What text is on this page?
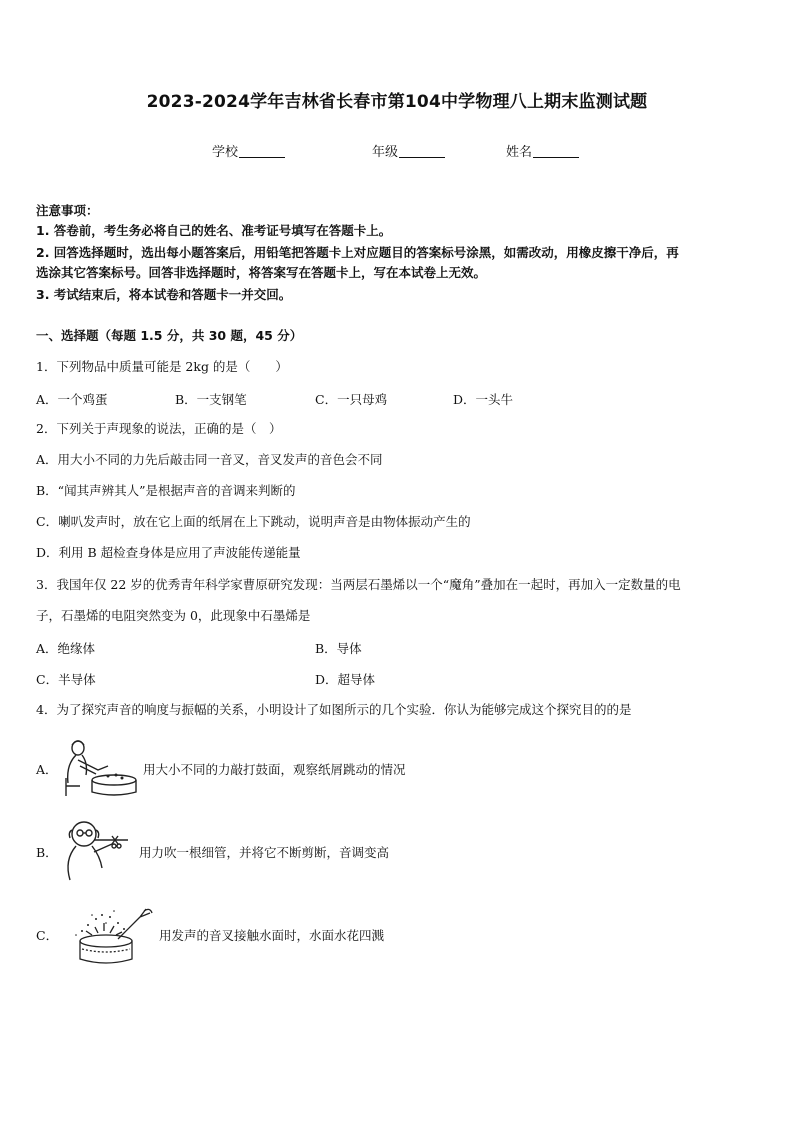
2023-2024学年吉林省长春市第104中学物理八上期末监测试题
学校	年级	姓名
注意事项：
1. 答卷前，考生务必将自己的姓名、准考证号填写在答题卡上。
2. 回答选择题时，选出每小题答案后，用铅笔把答题卡上对应题目的答案标号涂黑，如需改动，用橡皮擦干净后，再
选涂其它答案标号。回答非选择题时，将答案写在答题卡上，写在本试卷上无效。
3. 考试结束后，将本试卷和答题卡一并交回。
一、选择题（每题 1.5 分，共 30 题，45 分）
1．下列物品中质量可能是 2kg 的是（　　）
A．一个鸡蛋	B．一支钢笔	C．一只母鸡	D．一头牛
2．下列关于声现象的说法，正确的是（　）
A．用大小不同的力先后敲击同一音叉，音叉发声的音色会不同
B．“闻其声辨其人”是根据声音的音调来判断的
C．喇叭发声时，放在它上面的纸屑在上下跳动，说明声音是由物体振动产生的
D．利用 B 超检查身体是应用了声波能传递能量
3．我国年仅 22 岁的优秀青年科学家曹原研究发现：当两层石墨烯以一个“魔角”叠加在一起时，再加入一定数量的电
子，石墨烯的电阻突然变为 0，此现象中石墨烯是
A．绝缘体	B．导体
C．半导体	D．超导体
4．为了探究声音的响度与振幅的关系，小明设计了如图所示的几个实验．你认为能够完成这个探究目的的是
A．	用大小不同的力敲打鼓面，观察纸屑跳动的情况
B．	用力吹一根细管，并将它不断剪断，音调变高
C．	用发声的音叉接触水面时，水面水花四溅
